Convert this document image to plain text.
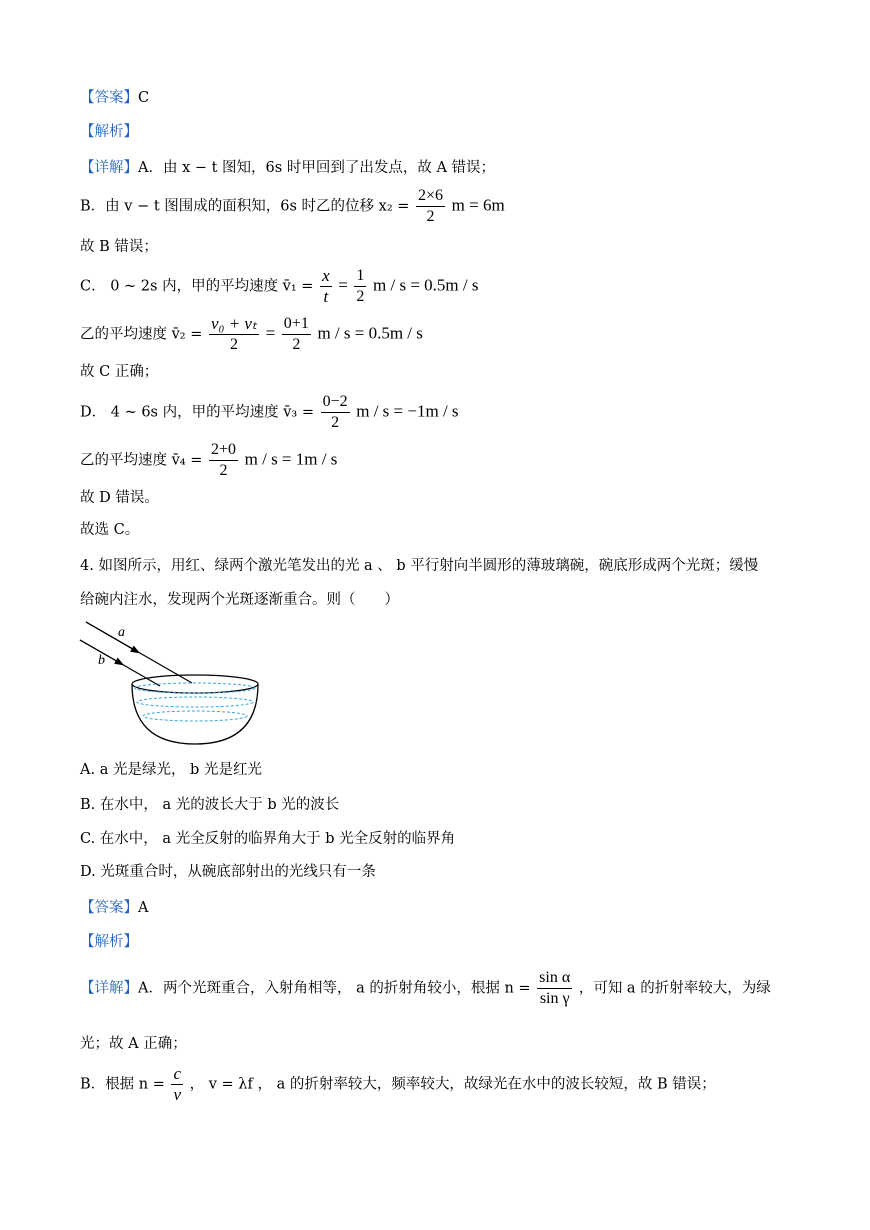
【答案】C
【解析】
【详解】A．由 x − t 图知，6s 时甲回到了出发点，故 A 错误；
B．由 v − t 图围成的面积知，6s 时乙的位移 $x_2 = \frac{2\times 6}{2}$ m = 6m
故 B 错误；
C． 0 ~ 2s 内，甲的平均速度 v̄₁ = $\frac{x}{t} = \frac{1}{2}$ m / s = 0.5m / s
乙的平均速度 v̄₂ = $\frac{\text{v₀ + vₜ}}{2} = \frac{0+1}{2}$ m / s = 0.5m / s
故 C 正确；
D． 4 ~ 6s 内，甲的平均速度 v̄₃ = $\frac{0-2}{2}$ m / s = −1m / s
乙的平均速度 v̄₄ = $\frac{2+0}{2}$ m / s = 1m / s
故 D 错误。
故选 C。
4. 如图所示，用红、绿两个激光笔发出的光 a 、 b 平行射向半圆形的薄玻璃碗，碗底形成两个光斑；缓慢
给碗内注水，发现两个光斑逐渐重合。则（　　）
a
b
A. a 光是绿光， b 光是红光
B. 在水中， a 光的波长大于 b 光的波长
C. 在水中， a 光全反射的临界角大于 b 光全反射的临界角
D. 光斑重合时，从碗底部射出的光线只有一条
【答案】A
【解析】
【详解】A．两个光斑重合，入射角相等， a 的折射角较小，根据 $n = \frac{\text{sin α}}{\text{sin γ}}$ ，可知 a 的折射率较大，为绿
光；故 A 正确；
B．根据 $n = \frac{c}{v}$ ， v = λf ， a 的折射率较大，频率较大，故绿光在水中的波长较短，故 B 错误；
